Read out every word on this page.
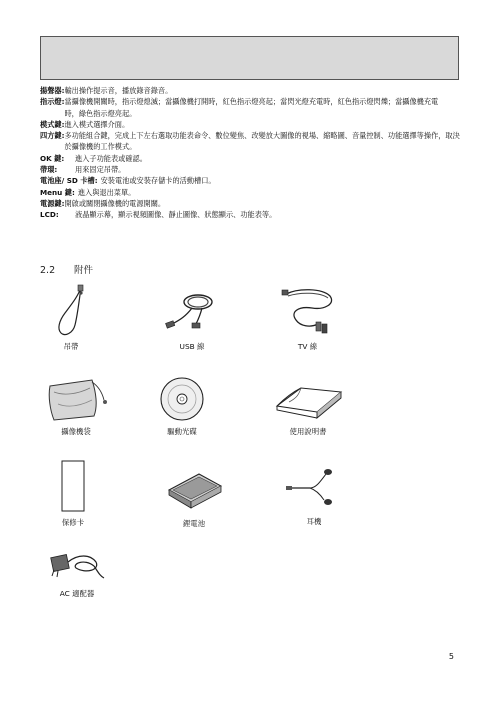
揚聲器: 輸出操作提示音，播放錄音錄音。
指示燈: 當攝像機開關時，指示燈熄滅；當攝像機打開時，紅色指示燈亮起；當閃光燈充電時，紅色指示燈閃爍；當攝像機充電時，綠色指示燈亮起。
模式鍵: 進入模式選擇介面。
四方鍵: 多功能組合鍵，完成上下左右選取功能表命令、數位變焦、改變放大圖像的視場、縮略圖、音量控制、功能選擇等操作，取決於攝像機的工作模式。
OK 鍵:	進入子功能表或確認。
帶環:	用來固定吊帶。
電池座/ SD 卡槽: 安裝電池或安裝存儲卡的活動槽口。
Menu 鍵: 進入與退出菜單。
電源鍵: 開啟或關閉攝像機的電源開關。
LCD:	液晶顯示幕，顯示視頻圖像、靜止圖像、狀態顯示、功能表等。
2.2 附件
吊帶	USB 線	TV 線
攝像機袋	驅動光碟	使用說明書
保修卡	鋰電池	耳機
AC 適配器
5
